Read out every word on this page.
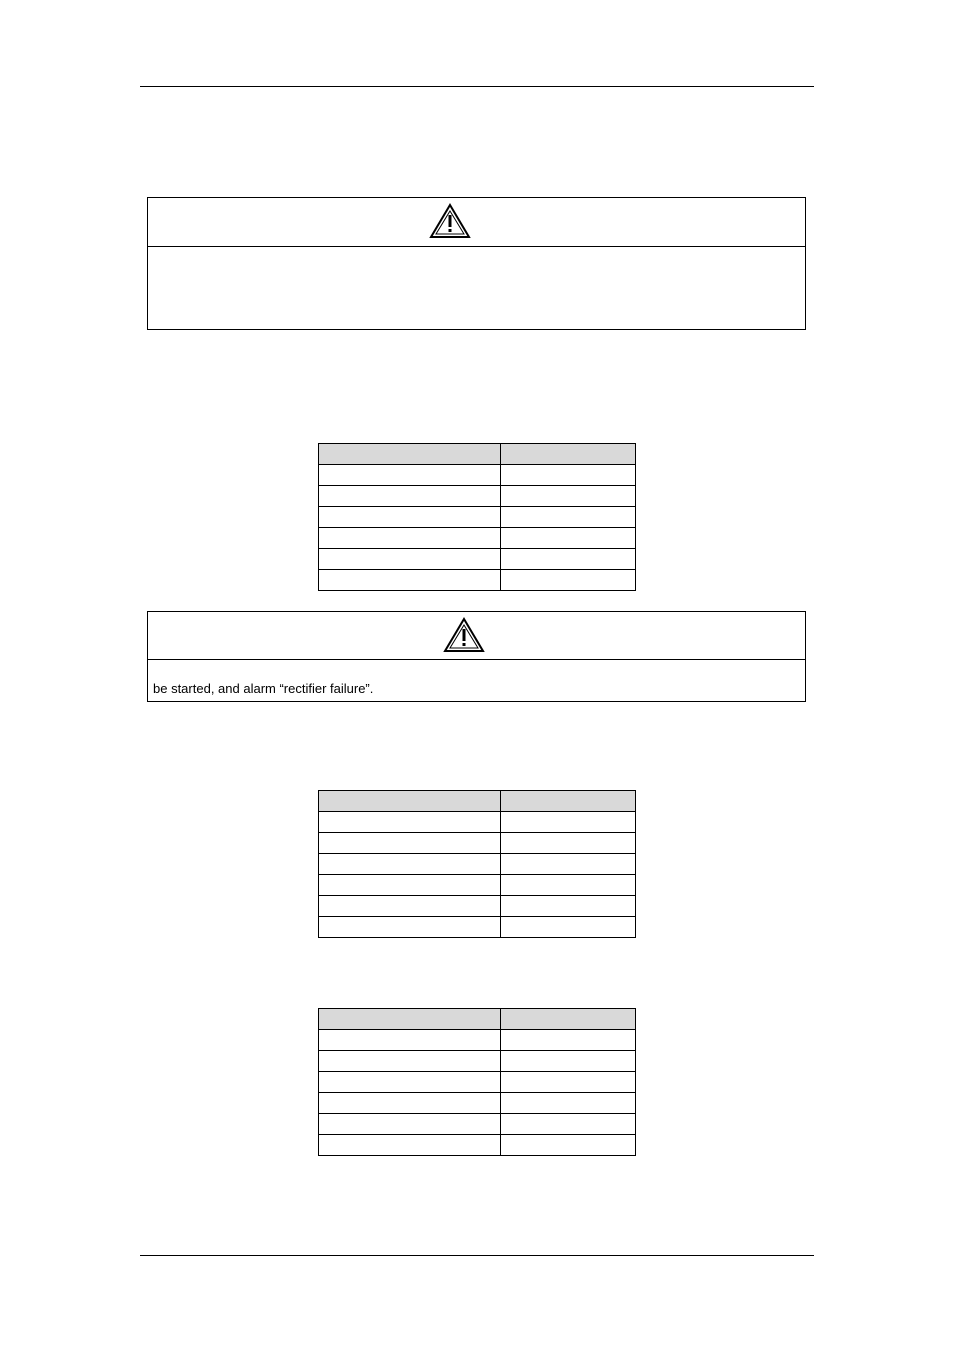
be started, and alarm “rectifier failure”.
